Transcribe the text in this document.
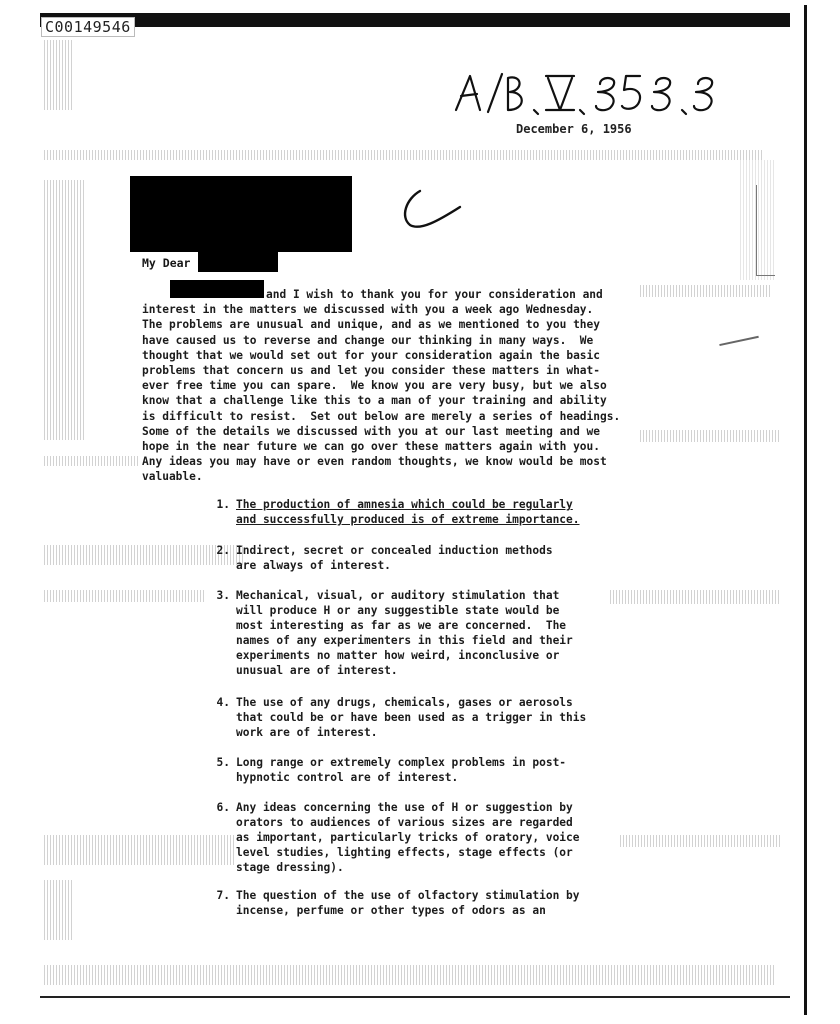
C00149546
December 6, 1956
My Dear
and I wish to thank you for your consideration and
interest in the matters we discussed with you a week ago Wednesday.
The problems are unusual and unique, and as we mentioned to you they
have caused us to reverse and change our thinking in many ways.  We
thought that we would set out for your consideration again the basic
problems that concern us and let you consider these matters in what-
ever free time you can spare.  We know you are very busy, but we also
know that a challenge like this to a man of your training and ability
is difficult to resist.  Set out below are merely a series of headings.
Some of the details we discussed with you at our last meeting and we
hope in the near future we can go over these matters again with you.
Any ideas you may have or even random thoughts, we know would be most
valuable.
1. The production of amnesia which could be regularly
and successfully produced is of extreme importance.
2. Indirect, secret or concealed induction methods
are always of interest.
3. Mechanical, visual, or auditory stimulation that
will produce H or any suggestible state would be
most interesting as far as we are concerned.  The
names of any experimenters in this field and their
experiments no matter how weird, inconclusive or
unusual are of interest.
4. The use of any drugs, chemicals, gases or aerosols
that could be or have been used as a trigger in this
work are of interest.
5. Long range or extremely complex problems in post-
hypnotic control are of interest.
6. Any ideas concerning the use of H or suggestion by
orators to audiences of various sizes are regarded
as important, particularly tricks of oratory, voice
level studies, lighting effects, stage effects (or
stage dressing).
7. The question of the use of olfactory stimulation by
incense, perfume or other types of odors as an
